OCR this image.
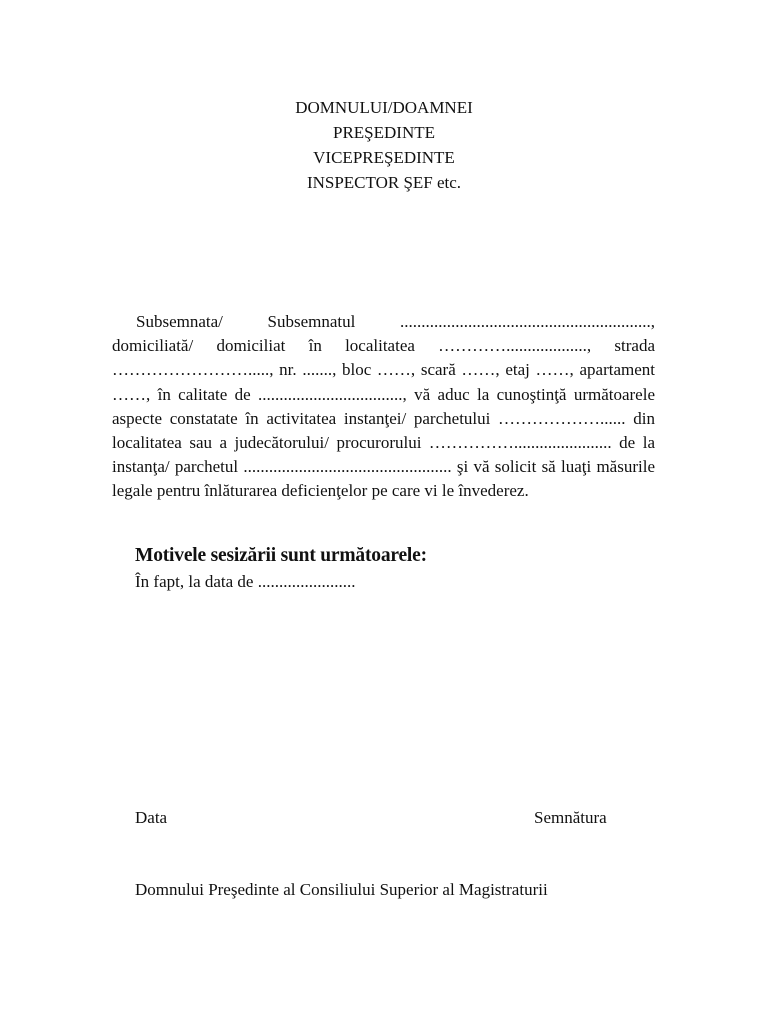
DOMNULUI/DOAMNEI
PREŞEDINTE
VICEPREŞEDINTE
INSPECTOR ŞEF etc.

Subsemnata/ Subsemnatul ..........................................................., domiciliată/ domiciliat în localitatea …………..................., strada ……………………....., nr. ......., bloc ……, scară ……, etaj ……, apartament ……, în calitate de .................................., vă aduc la cunoştinţă următoarele aspecte constatate în activitatea instanţei/ parchetului ………………...... din localitatea sau a judecătorului/ procurorului ……………....................... de la instanţa/ parchetul ................................................. şi vă solicit să luaţi măsurile legale pentru înlăturarea deficienţelor pe care vi le învederez.

Motivele sesizării sunt următoarele:

În fapt, la data de .......................

Data	Semnătura
Domnului Preşedinte al Consiliului Superior al Magistraturii
